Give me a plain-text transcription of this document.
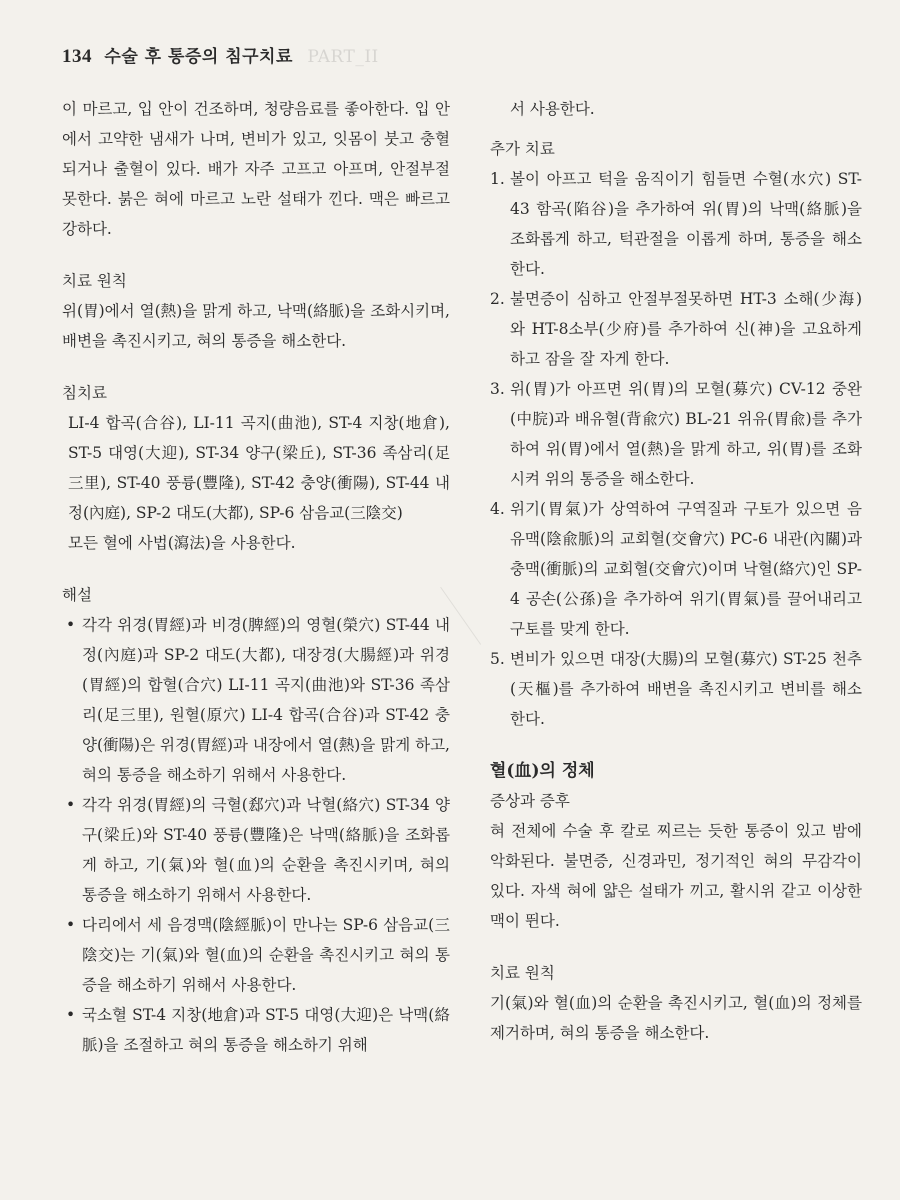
134 수술 후 통증의 침구치료 PART_II

이 마르고, 입 안이 건조하며, 청량음료를 좋아한다. 입 안에서 고약한 냄새가 나며, 변비가 있고, 잇몸이 붓고 충혈되거나 출혈이 있다. 배가 자주 고프고 아프며, 안절부절못한다. 붉은 혀에 마르고 노란 설태가 낀다. 맥은 빠르고 강하다.

치료 원칙

위(胃)에서 열(熱)을 맑게 하고, 낙맥(絡脈)을 조화시키며, 배변을 촉진시키고, 혀의 통증을 해소한다.

침치료

LI-4 합곡(合谷), LI-11 곡지(曲池), ST-4 지창(地倉), ST-5 대영(大迎), ST-34 양구(梁丘), ST-36 족삼리(足三里), ST-40 풍륭(豐隆), ST-42 충양(衝陽), ST-44 내정(內庭), SP-2 대도(大都), SP-6 삼음교(三陰交)

모든 혈에 사법(瀉法)을 사용한다.

해설
• 각각 위경(胃經)과 비경(脾經)의 영혈(榮穴) ST-44 내정(內庭)과 SP-2 대도(大都), 대장경(大腸經)과 위경(胃經)의 합혈(合穴) LI-11 곡지(曲池)와 ST-36 족삼리(足三里), 원혈(原穴) LI-4 합곡(合谷)과 ST-42 충양(衝陽)은 위경(胃經)과 내장에서 열(熱)을 맑게 하고, 혀의 통증을 해소하기 위해서 사용한다.
• 각각 위경(胃經)의 극혈(郄穴)과 낙혈(絡穴) ST-34 양구(梁丘)와 ST-40 풍륭(豐隆)은 낙맥(絡脈)을 조화롭게 하고, 기(氣)와 혈(血)의 순환을 촉진시키며, 혀의 통증을 해소하기 위해서 사용한다.
• 다리에서 세 음경맥(陰經脈)이 만나는 SP-6 삼음교(三陰交)는 기(氣)와 혈(血)의 순환을 촉진시키고 혀의 통증을 해소하기 위해서 사용한다.
• 국소혈 ST-4 지창(地倉)과 ST-5 대영(大迎)은 낙맥(絡脈)을 조절하고 혀의 통증을 해소하기 위해

서 사용한다.

추가 치료
1. 볼이 아프고 턱을 움직이기 힘들면 수혈(水穴) ST-43 함곡(陷谷)을 추가하여 위(胃)의 낙맥(絡脈)을 조화롭게 하고, 턱관절을 이롭게 하며, 통증을 해소한다.
2. 불면증이 심하고 안절부절못하면 HT-3 소해(少海)와 HT-8소부(少府)를 추가하여 신(神)을 고요하게 하고 잠을 잘 자게 한다.
3. 위(胃)가 아프면 위(胃)의 모혈(募穴) CV-12 중완(中脘)과 배유혈(背兪穴) BL-21 위유(胃兪)를 추가하여 위(胃)에서 열(熱)을 맑게 하고, 위(胃)를 조화시켜 위의 통증을 해소한다.
4. 위기(胃氣)가 상역하여 구역질과 구토가 있으면 음유맥(陰兪脈)의 교회혈(交會穴) PC-6 내관(內關)과 충맥(衝脈)의 교회혈(交會穴)이며 낙혈(絡穴)인 SP-4 공손(公孫)을 추가하여 위기(胃氣)를 끌어내리고 구토를 맞게 한다.
5. 변비가 있으면 대장(大腸)의 모혈(募穴) ST-25 천추(天樞)를 추가하여 배변을 촉진시키고 변비를 해소한다.
혈(血)의 정체
증상과 증후

혀 전체에 수술 후 칼로 찌르는 듯한 통증이 있고 밤에 악화된다. 불면증, 신경과민, 정기적인 혀의 무감각이 있다. 자색 혀에 얇은 설태가 끼고, 활시위 같고 이상한 맥이 뛴다.

치료 원칙

기(氣)와 혈(血)의 순환을 촉진시키고, 혈(血)의 정체를 제거하며, 혀의 통증을 해소한다.
